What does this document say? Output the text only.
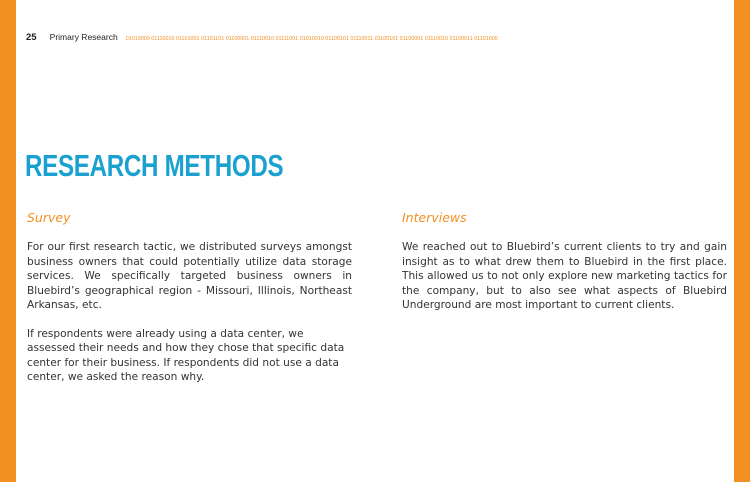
25 Primary Research 01010000 01110010 01101001 01101101 01100001 01110010 01111001 01010010 01100101 01110011 01100101 01100001 01110010 01100011 01101000
RESEARCH METHODS
Survey

For our first research tactic, we distributed surveys amongst business owners that could potentially utilize data storage services. We specifically targeted business owners in Bluebird’s geographical region - Missouri, Illinois, Northeast Arkansas, etc.

If respondents were already using a data center, we assessed their needs and how they chose that specific data center for their business. If respondents did not use a data center, we asked the reason why.

Interviews

We reached out to Bluebird’s current clients to try and gain insight as to what drew them to Bluebird in the first place. This allowed us to not only explore new marketing tactics for the company, but to also see what aspects of Bluebird Underground are most important to current clients.
